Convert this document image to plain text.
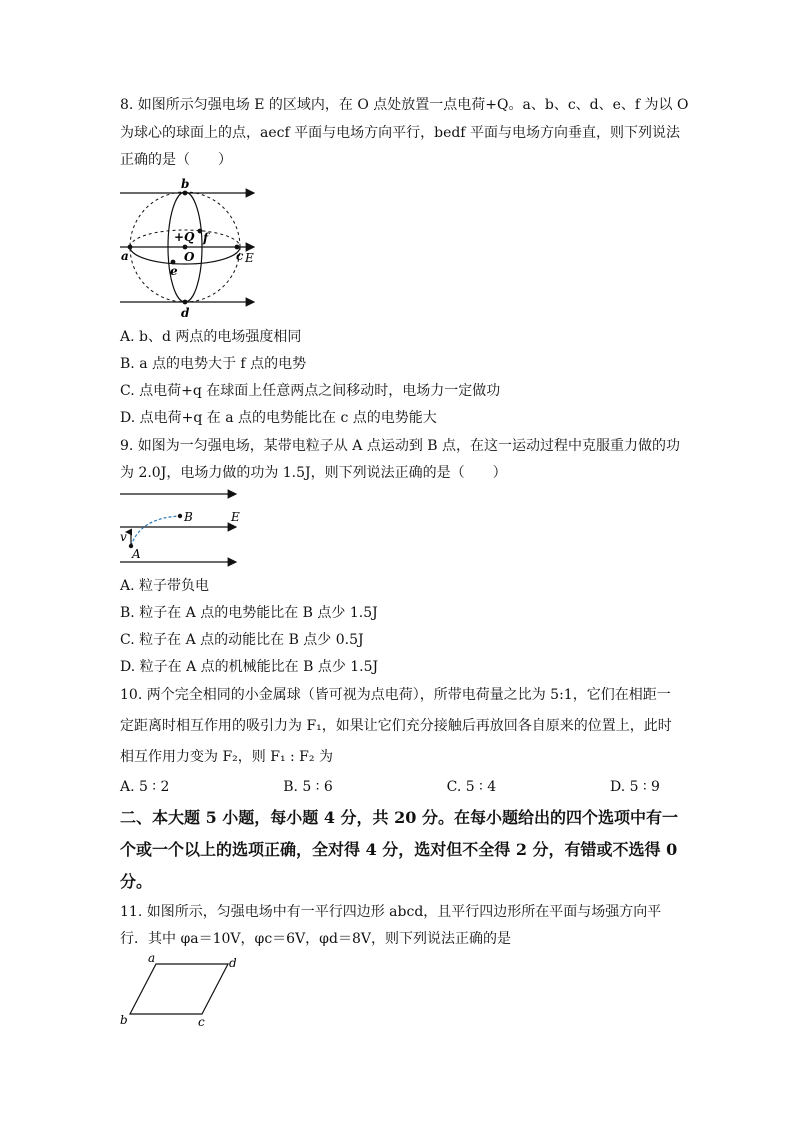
8. 如图所示匀强电场 E 的区域内，在 O 点处放置一点电荷+Q。a、b、c、d、e、f 为以 O
为球心的球面上的点，aecf 平面与电场方向平行，bedf 平面与电场方向垂直，则下列说法
正确的是（　　）
b
d
a	c E
e
f
+Q
O
A. b、d 两点的电场强度相同
B. a 点的电势大于 f 点的电势
C. 点电荷+q 在球面上任意两点之间移动时，电场力一定做功
D. 点电荷+q 在 a 点的电势能比在 c 点的电势能大
9. 如图为一匀强电场，某带电粒子从 A 点运动到 B 点，在这一运动过程中克服重力做的功
为 2.0J，电场力做的功为 1.5J，则下列说法正确的是（　　）
A
B	E
v
A. 粒子带负电
B. 粒子在 A 点的电势能比在 B 点少 1.5J
C. 粒子在 A 点的动能比在 B 点少 0.5J
D. 粒子在 A 点的机械能比在 B 点少 1.5J
10. 两个完全相同的小金属球（皆可视为点电荷），所带电荷量之比为 5:1，它们在相距一
定距离时相互作用的吸引力为 F₁，如果让它们充分接触后再放回各自原来的位置上，此时
相互作用力变为 F₂，则 F₁ : F₂ 为
A. 5 ∶ 2	B. 5 ∶ 6	C. 5 ∶ 4	D. 5 ∶ 9
二、本大题 5 小题，每小题 4 分，共 20 分。在每小题给出的四个选项中有一
个或一个以上的选项正确，全对得 4 分，选对但不全得 2 分，有错或不选得 0
分。
11. 如图所示，匀强电场中有一平行四边形 abcd，且平行四边形所在平面与场强方向平
行．其中 φa＝10V，φc＝6V，φd＝8V，则下列说法正确的是
a	d
b	c
